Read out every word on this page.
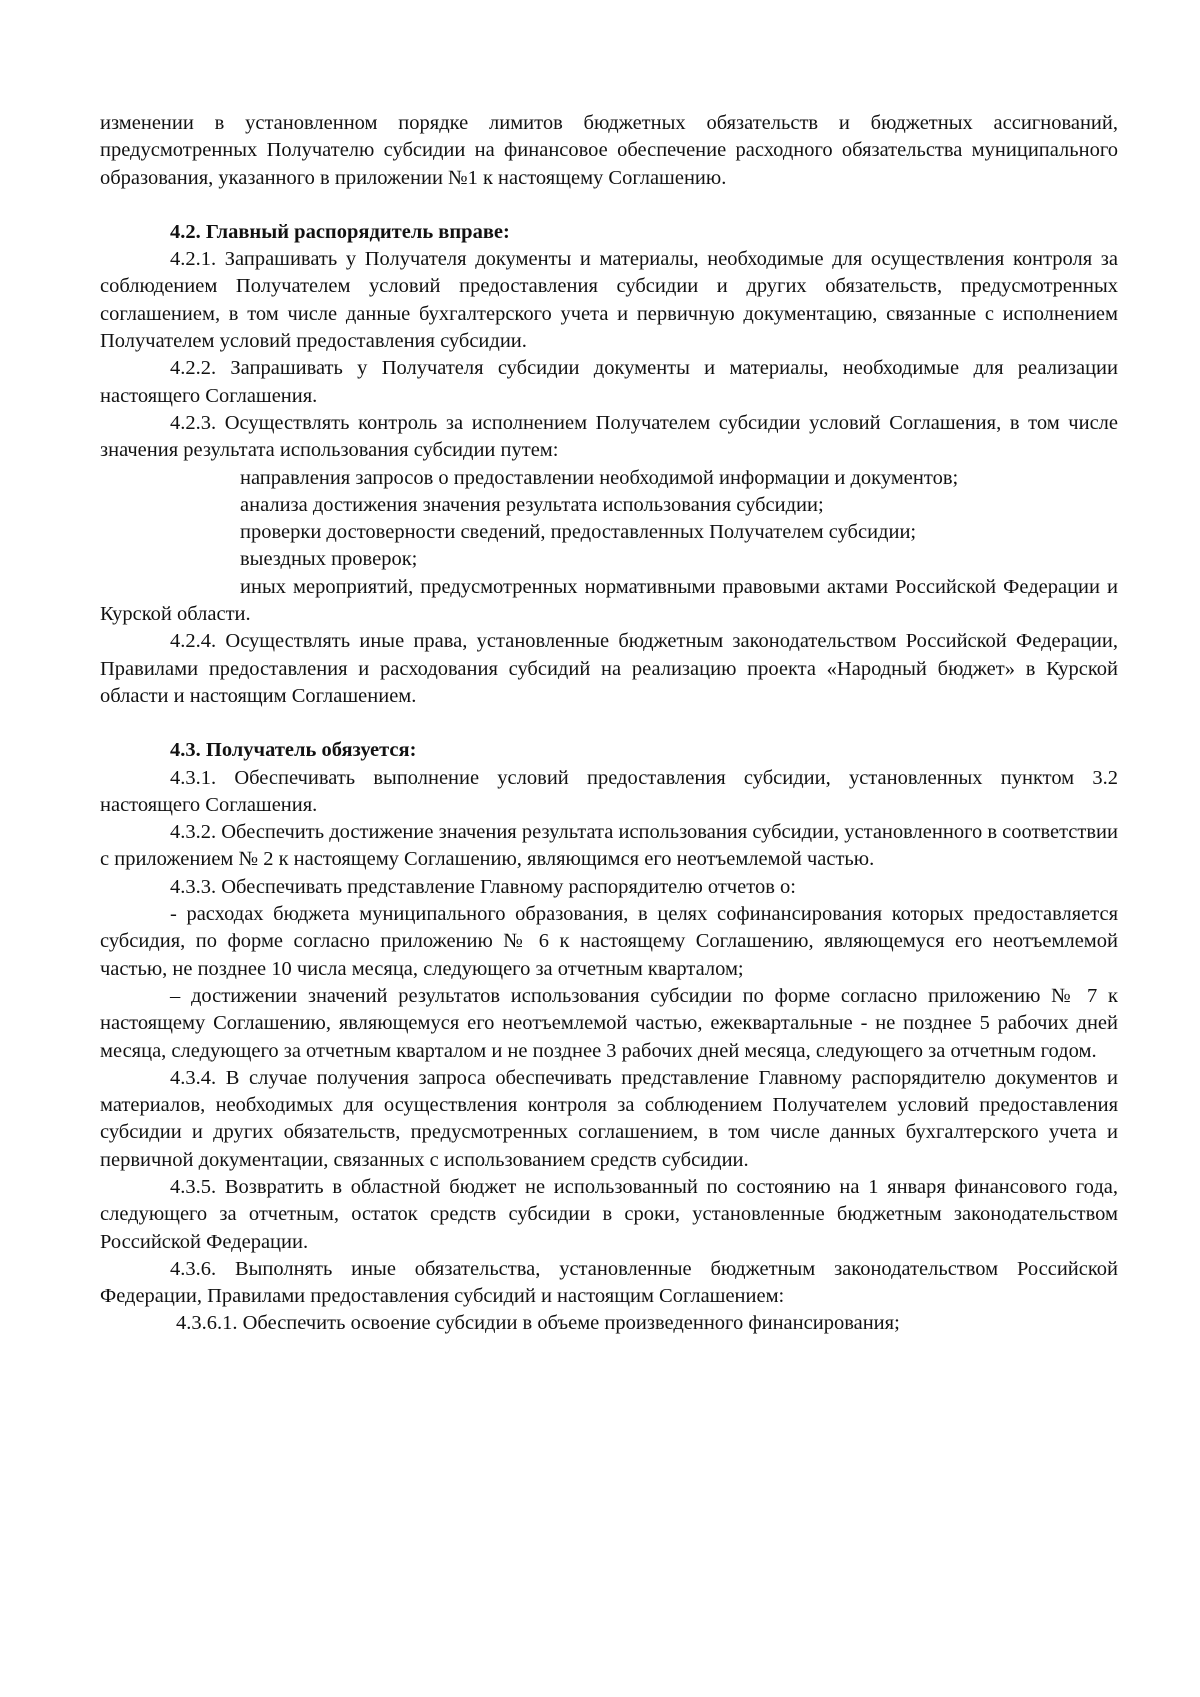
изменении в установленном порядке лимитов бюджетных обязательств и бюджетных ассигнований, предусмотренных Получателю субсидии на финансовое обеспечение расходного обязательства муниципального образования, указанного в приложении №1 к настоящему Соглашению.

4.2. Главный распорядитель вправе:

4.2.1. Запрашивать у Получателя документы и материалы, необходимые для осуществления контроля за соблюдением Получателем условий предоставления субсидии и других обязательств, предусмотренных соглашением, в том числе данные бухгалтерского учета и первичную документацию, связанные с исполнением Получателем условий предоставления субсидии.

4.2.2. Запрашивать у Получателя субсидии документы и материалы, необходимые для реализации настоящего Соглашения.

4.2.3. Осуществлять контроль за исполнением Получателем субсидии условий Соглашения, в том числе значения результата использования субсидии путем:

направления запросов о предоставлении необходимой информации и документов;

анализа достижения значения результата использования субсидии;

проверки достоверности сведений, предоставленных Получателем субсидии;

выездных проверок;

иных мероприятий, предусмотренных нормативными правовыми актами Российской Федерации и Курской области.

4.2.4. Осуществлять иные права, установленные бюджетным законодательством Российской Федерации, Правилами предоставления и расходования субсидий на реализацию проекта «Народный бюджет» в Курской области и настоящим Соглашением.

4.3. Получатель обязуется:

4.3.1. Обеспечивать выполнение условий предоставления субсидии, установленных пунктом 3.2 настоящего Соглашения.

4.3.2. Обеспечить достижение значения результата использования субсидии, установленного в соответствии с приложением № 2 к настоящему Соглашению, являющимся его неотъемлемой частью.

4.3.3. Обеспечивать представление Главному распорядителю отчетов о:

- расходах бюджета муниципального образования, в целях софинансирования которых предоставляется субсидия, по форме согласно приложению № 6 к настоящему Соглашению, являющемуся его неотъемлемой частью, не позднее 10 числа месяца, следующего за отчетным кварталом;

– достижении значений результатов использования субсидии по форме согласно приложению № 7 к настоящему Соглашению, являющемуся его неотъемлемой частью, ежеквартальные - не позднее 5 рабочих дней месяца, следующего за отчетным кварталом и не позднее 3 рабочих дней месяца, следующего за отчетным годом.

4.3.4. В случае получения запроса обеспечивать представление Главному распорядителю документов и материалов, необходимых для осуществления контроля за соблюдением Получателем условий предоставления субсидии и других обязательств, предусмотренных соглашением, в том числе данных бухгалтерского учета и первичной документации, связанных с использованием средств субсидии.

4.3.5. Возвратить в областной бюджет не использованный по состоянию на 1 января финансового года, следующего за отчетным, остаток средств субсидии в сроки, установленные бюджетным законодательством Российской Федерации.

4.3.6. Выполнять иные обязательства, установленные бюджетным законодательством Российской Федерации, Правилами предоставления субсидий и настоящим Соглашением:

4.3.6.1. Обеспечить освоение субсидии в объеме произведенного финансирования;
